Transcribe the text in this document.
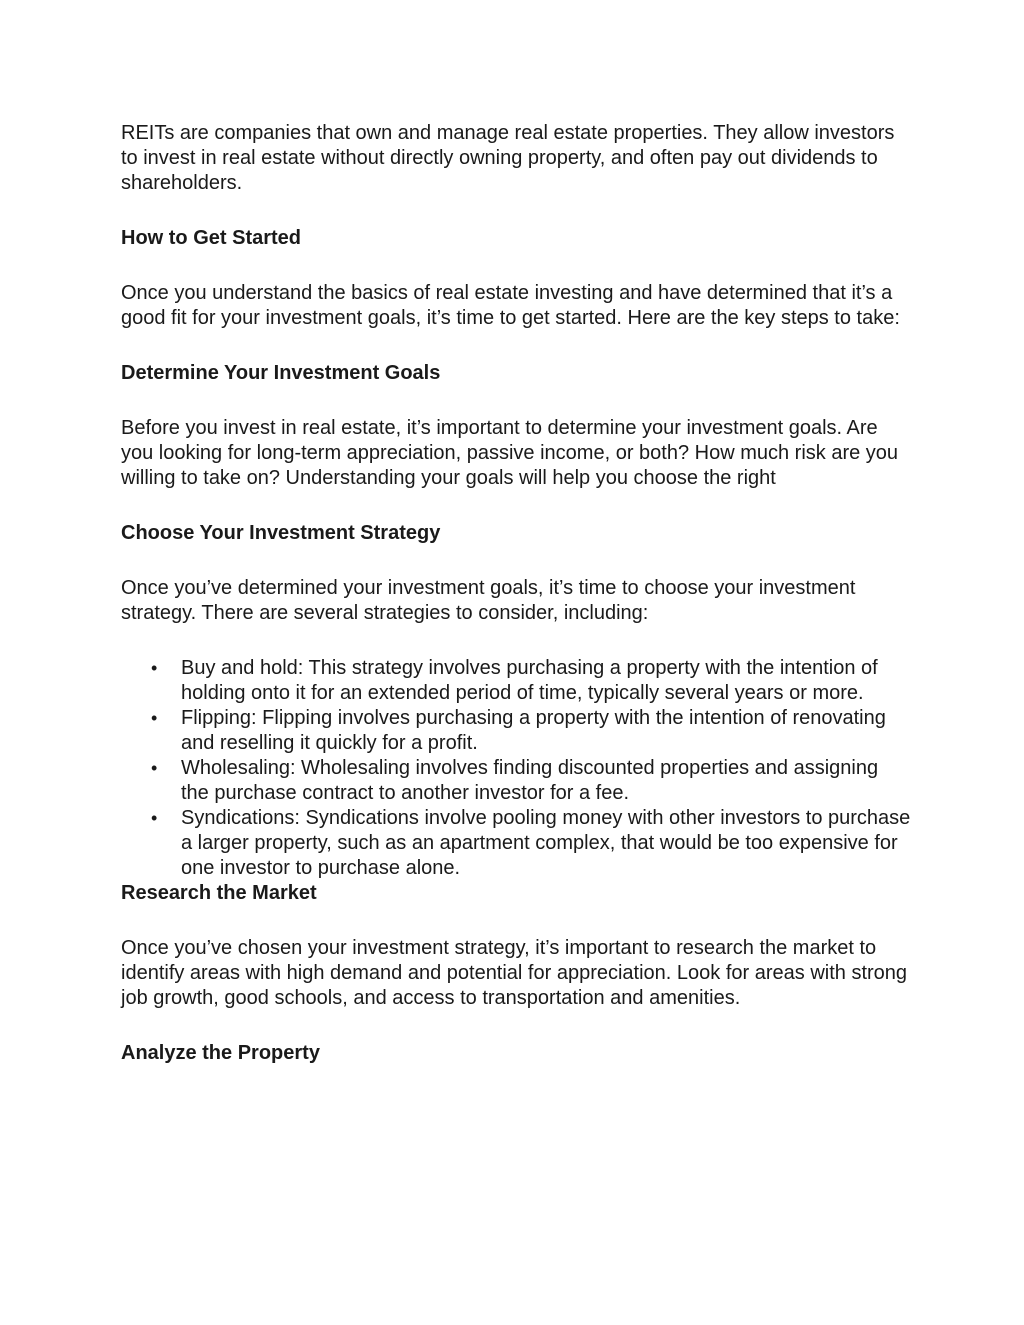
REITs are companies that own and manage real estate properties. They allow investors to invest in real estate without directly owning property, and often pay out dividends to shareholders.

How to Get Started

Once you understand the basics of real estate investing and have determined that it’s a good fit for your investment goals, it’s time to get started. Here are the key steps to take:

Determine Your Investment Goals

Before you invest in real estate, it’s important to determine your investment goals. Are you looking for long-term appreciation, passive income, or both? How much risk are you willing to take on? Understanding your goals will help you choose the right

Choose Your Investment Strategy

Once you’ve determined your investment goals, it’s time to choose your investment strategy. There are several strategies to consider, including:

• Buy and hold: This strategy involves purchasing a property with the intention of holding onto it for an extended period of time, typically several years or more.
• Flipping: Flipping involves purchasing a property with the intention of renovating and reselling it quickly for a profit.
• Wholesaling: Wholesaling involves finding discounted properties and assigning the purchase contract to another investor for a fee.
• Syndications: Syndications involve pooling money with other investors to purchase a larger property, such as an apartment complex, that would be too expensive for one investor to purchase alone.
Research the Market

Once you’ve chosen your investment strategy, it’s important to research the market to identify areas with high demand and potential for appreciation. Look for areas with strong job growth, good schools, and access to transportation and amenities.

Analyze the Property
